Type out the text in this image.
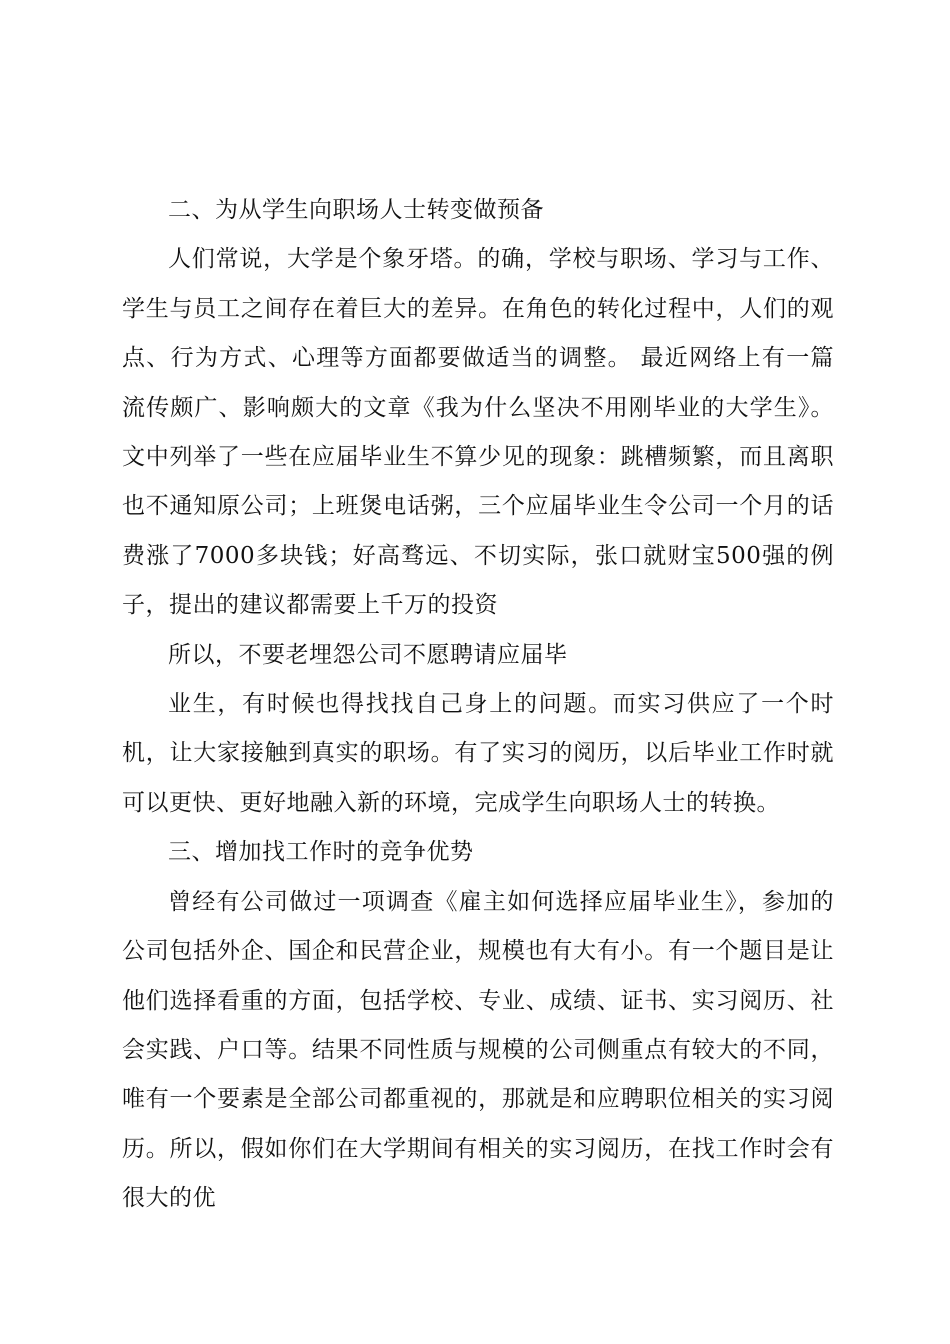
二、为从学生向职场人士转变做预备

人们常说，大学是个象牙塔。的确，学校与职场、学习与工作、学生与员工之间存在着巨大的差异。在角色的转化过程中，人们的观点、行为方式、心理等方面都要做适当的调整。 最近网络上有一篇流传颇广、影响颇大的文章《我为什么坚决不用刚毕业的大学生》。文中列举了一些在应届毕业生不算少见的现象：跳槽频繁，而且离职也不通知原公司；上班煲电话粥，三个应届毕业生令公司一个月的话费涨了7000多块钱；好高骛远、不切实际，张口就财宝500强的例子，提出的建议都需要上千万的投资

所以，不要老埋怨公司不愿聘请应届毕

业生，有时候也得找找自己身上的问题。而实习供应了一个时机，让大家接触到真实的职场。有了实习的阅历，以后毕业工作时就可以更快、更好地融入新的环境，完成学生向职场人士的转换。

三、增加找工作时的竞争优势

曾经有公司做过一项调查《雇主如何选择应届毕业生》，参加的公司包括外企、国企和民营企业，规模也有大有小。有一个题目是让他们选择看重的方面，包括学校、专业、成绩、证书、实习阅历、社会实践、户口等。结果不同性质与规模的公司侧重点有较大的不同，唯有一个要素是全部公司都重视的，那就是和应聘职位相关的实习阅历。所以，假如你们在大学期间有相关的实习阅历，在找工作时会有很大的优
